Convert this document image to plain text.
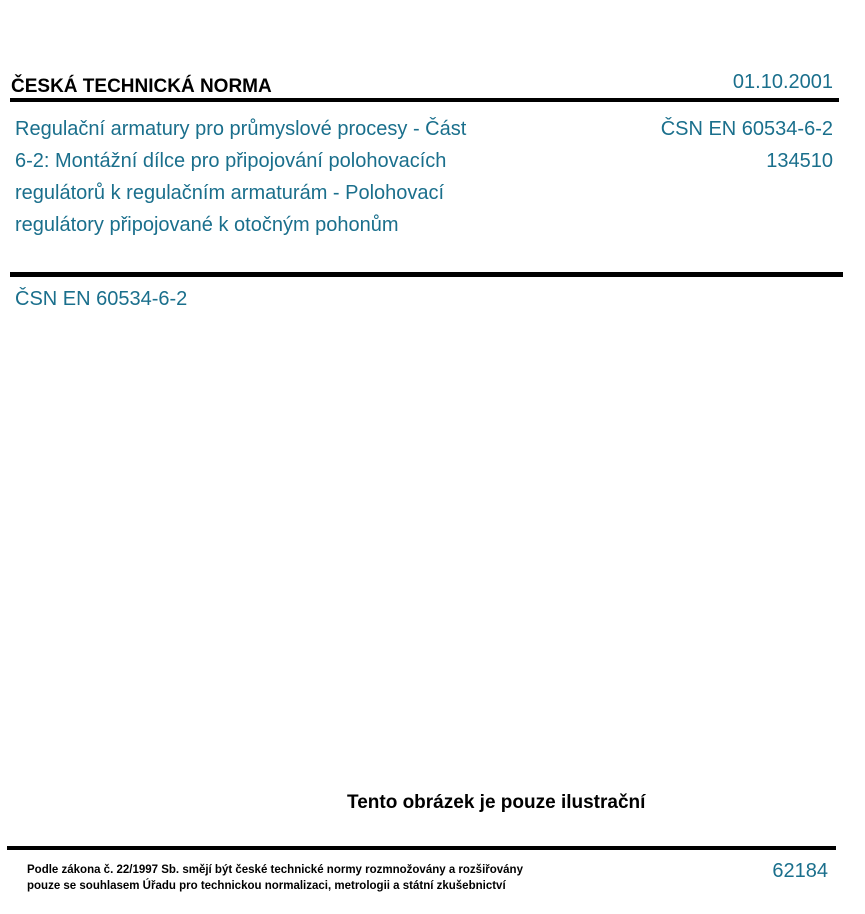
ČESKÁ TECHNICKÁ NORMA	01.10.2001

Regulační armatury pro průmyslové procesy - Část
6-2: Montážní dílce pro připojování polohovacích
regulátorů k regulačním armaturám - Polohovací
regulátory připojované k otočným pohonům

ČSN EN 60534-6-2
134510
ČSN EN 60534-6-2
Tento obrázek je pouze ilustrační
Podle zákona č. 22/1997 Sb. smějí být české technické normy rozmnožovány a rozšiřovány
pouze se souhlasem Úřadu pro technickou normalizaci, metrologii a státní zkušebnictví
62184
